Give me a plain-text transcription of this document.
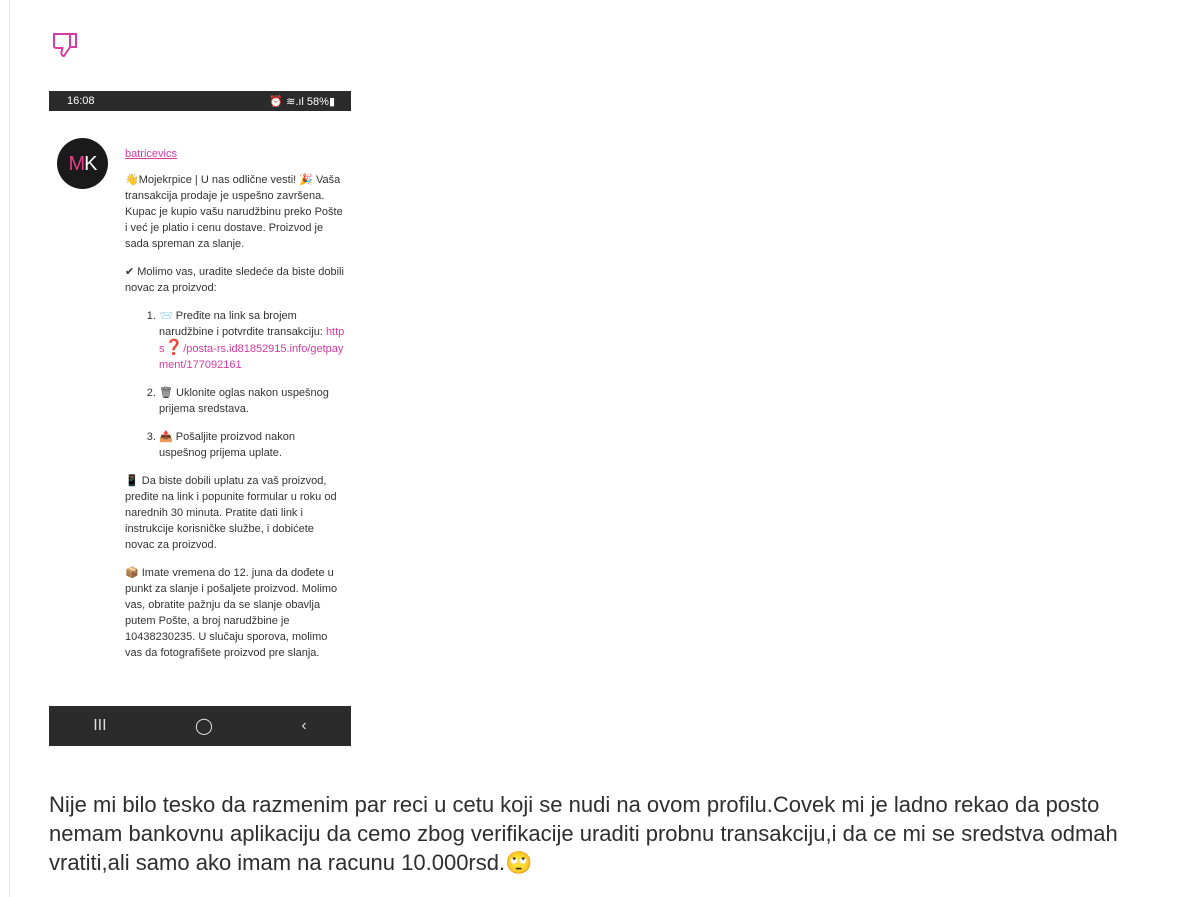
16:08	⏰ ≋.ıl 58%▮
M K	batricevics
👋Mojekrpice | U nas odlične vesti! 🎉 Vaša transakcija prodaje je uspešno završena. Kupac je kupio vašu narudžbinu preko Pošte i već je platio i cenu dostave. Proizvod je sada spreman za slanje.
✔ Molimo vas, uradite sledeće da biste dobili novac za proizvod:
1. 📨 Pređite na link sa brojem narudžbine i potvrdite transakciju: https❓/posta-rs.id81852915.info/getpayment/177092161
2. 🗑 Uklonite oglas nakon uspešnog prijema sredstava.
3. 📤 Pošaljite proizvod nakon uspešnog prijema uplate.
📱 Da biste dobili uplatu za vaš proizvod, pređite na link i popunite formular u roku od narednih 30 minuta. Pratite dati link i instrukcije korisničke službe, i dobićete novac za proizvod.
📦 Imate vremena do 12. juna da dođete u punkt za slanje i pošaljete proizvod. Molimo vas, obratite pažnju da se slanje obavlja putem Pošte, a broj narudžbine je 10438230235. U slučaju sporova, molimo vas da fotografišete proizvod pre slanja.
III	◯	‹
Nije mi bilo tesko da razmenim par reci u cetu koji se nudi na ovom profilu.Covek mi je ladno rekao da posto nemam bankovnu aplikaciju da cemo zbog verifikacije uraditi probnu transakciju,i da ce mi se sredstva odmah vratiti,ali samo ako imam na racunu 10.000rsd.🙄
